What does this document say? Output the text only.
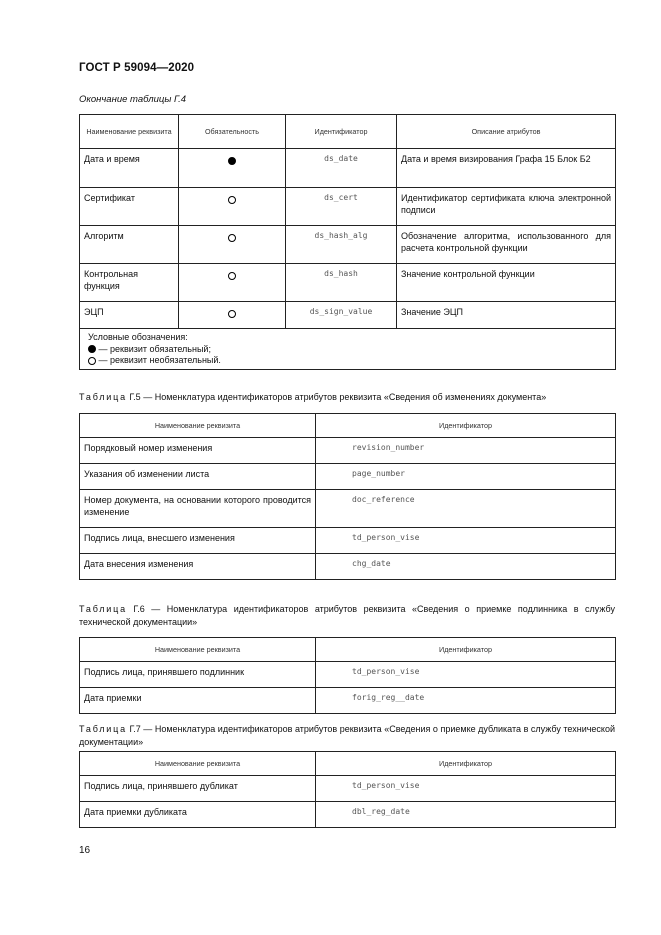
ГОСТ Р 59094—2020
Окончание таблицы Г.4
Наименование реквизита	Обязательность	Идентификатор	Описание атрибутов
Дата и время		ds_date	Дата и время визирования Графа 15 Блок Б2
Сертификат		ds_cert	Идентификатор сертификата ключа электронной подписи
Алгоритм		ds_hash_alg	Обозначение алгоритма, использованного для расчета контрольной функции
Контрольная функция		ds_hash	Значение контрольной функции
ЭЦП		ds_sign_value	Значение ЭЦП

Условные обозначения:
— реквизит обязательный;
— реквизит необязательный.			
Таблица Г.5 — Номенклатура идентификаторов атрибутов реквизита «Сведения об изменениях документа»
Наименование реквизита	Идентификатор
Порядковый номер изменения	revision_number
Указания об изменении листа	page_number
Номер документа, на основании которого проводится изменение	doc_reference
Подпись лица, внесшего изменения	td_person_vise
Дата внесения изменения	chg_date
Таблица Г.6 — Номенклатура идентификаторов атрибутов реквизита «Сведения о приемке подлинника в службу технической документации»
Наименование реквизита	Идентификатор
Подпись лица, принявшего подлинник	td_person_vise
Дата приемки	forig_reg__date
Таблица Г.7 — Номенклатура идентификаторов атрибутов реквизита «Сведения о приемке дубликата в службу технической документации»
Наименование реквизита	Идентификатор
Подпись лица, принявшего дубликат	td_person_vise
Дата приемки дубликата	dbl_reg_date
16
